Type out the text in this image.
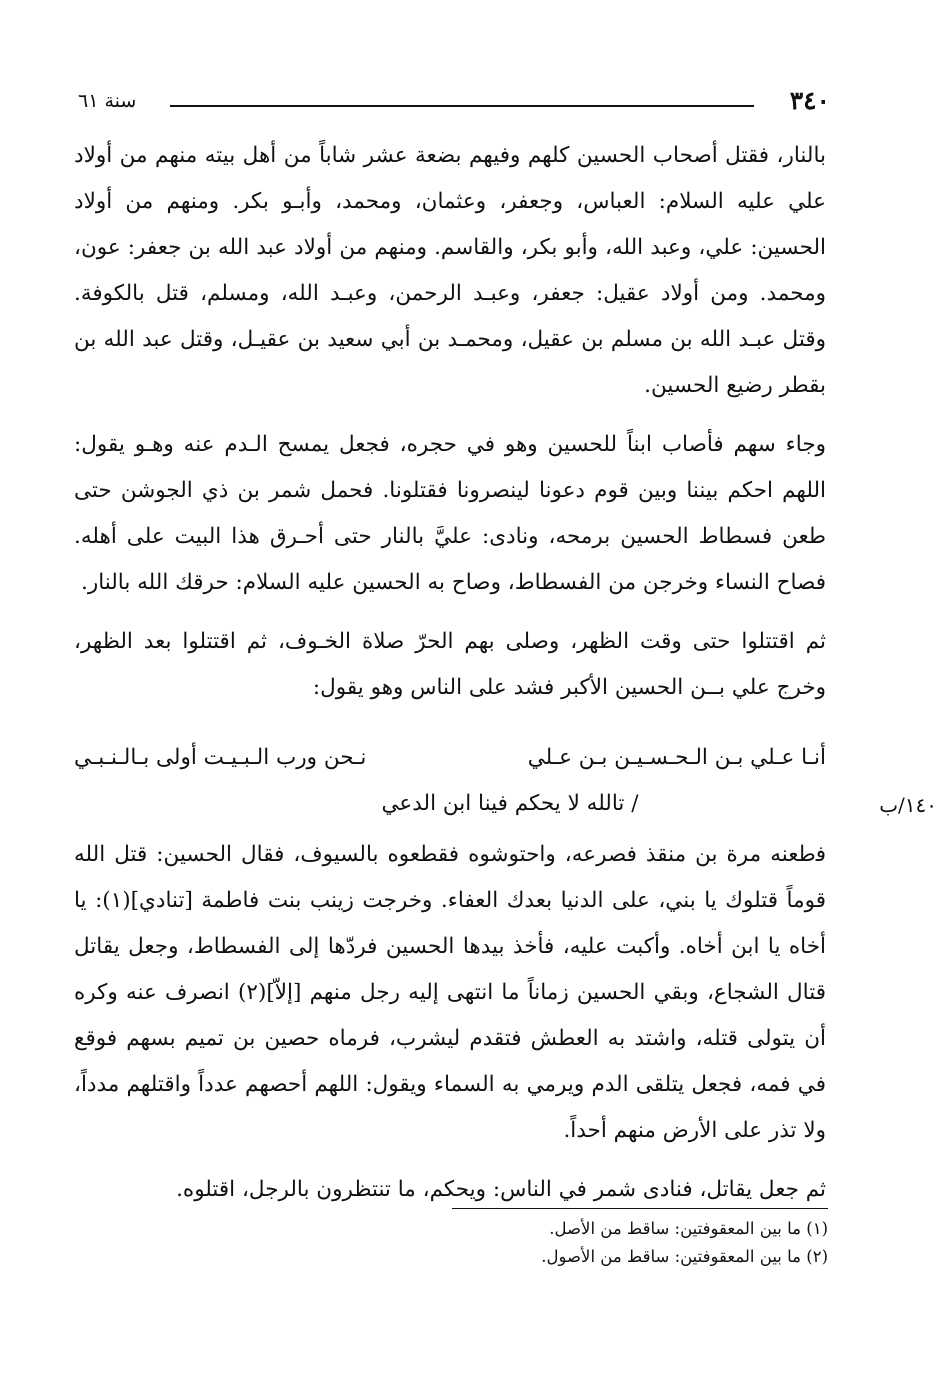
٣٤٠
سنة ٦١

بالنار، فقتل أصحاب الحسين كلهم وفيهم بضعة عشر شاباً من أهل بيته منهم من أولاد علي عليه السلام: العباس، وجعفر، وعثمان، ومحمد، وأبـو بكر. ومنهم من أولاد الحسين: علي، وعبد الله، وأبو بكر، والقاسم. ومنهم من أولاد عبد الله بن جعفر: عون، ومحمد. ومن أولاد عقيل: جعفر، وعبـد الرحمن، وعبـد الله، ومسلم، قتل بالكوفة. وقتل عبـد الله بن مسلم بن عقيل، ومحمـد بن أبي سعيد بن عقيـل، وقتل عبد الله بن بقطر رضيع الحسين.

وجاء سهم فأصاب ابناً للحسين وهو في حجره، فجعل يمسح الـدم عنه وهـو يقول: اللهم احكم بيننا وبين قوم دعونا لينصرونا فقتلونا. فحمل شمر بن ذي الجوشن حتى طعن فسطاط الحسين برمحه، ونادى: عليَّ بالنار حتى أحـرق هذا البيت على أهله. فصاح النساء وخرجن من الفسطاط، وصاح به الحسين عليه السلام: حرقك الله بالنار.

ثم اقتتلوا حتى وقت الظهر، وصلى بهم الحرّ صلاة الخـوف، ثم اقتتلوا بعد الظهر، وخرج علي بــن الحسين الأكبر فشد على الناس وهو يقول:

أنـا عـلي بـن الـحـسـيـن بـن عـلي
نـحن ورب الـبـيـت أولى بـالـنـبـي
/ تالله لا يحكم فينا ابن الدعي	١٤٠/ب

ﻓطعنه مرة بن منقذ فصرعه، واحتوشوه فقطعوه بالسيوف، فقال الحسين: قتل الله قوماً قتلوك يا بني، على الدنيا بعدك العفاء. وخرجت زينب بنت فاطمة [تنادي](١): يا أخاه يا ابن أخاه. وأكبت عليه، فأخذ بيدها الحسين فردّها إلى الفسطاط، وجعل يقاتل قتال الشجاع، وبقي الحسين زماناً ما انتهى إليه رجل منهم [إلاّ](٢) انصرف عنه وكره أن يتولى قتله، واشتد به العطش فتقدم ليشرب، فرماه حصين بن تميم بسهم فوقع في فمه، فجعل يتلقى الدم ويرمي به السماء ويقول: اللهم أحصهم عدداً واقتلهم مدداً، ولا تذر على الأرض منهم أحداً.

ثم جعل يقاتل، فنادى شمر في الناس: ويحكم، ما تنتظرون بالرجل، اقتلوه.

(١) ما بين المعقوفتين: ساقط من الأصل.

(٢) ما بين المعقوفتين: ساقط من الأصول.
